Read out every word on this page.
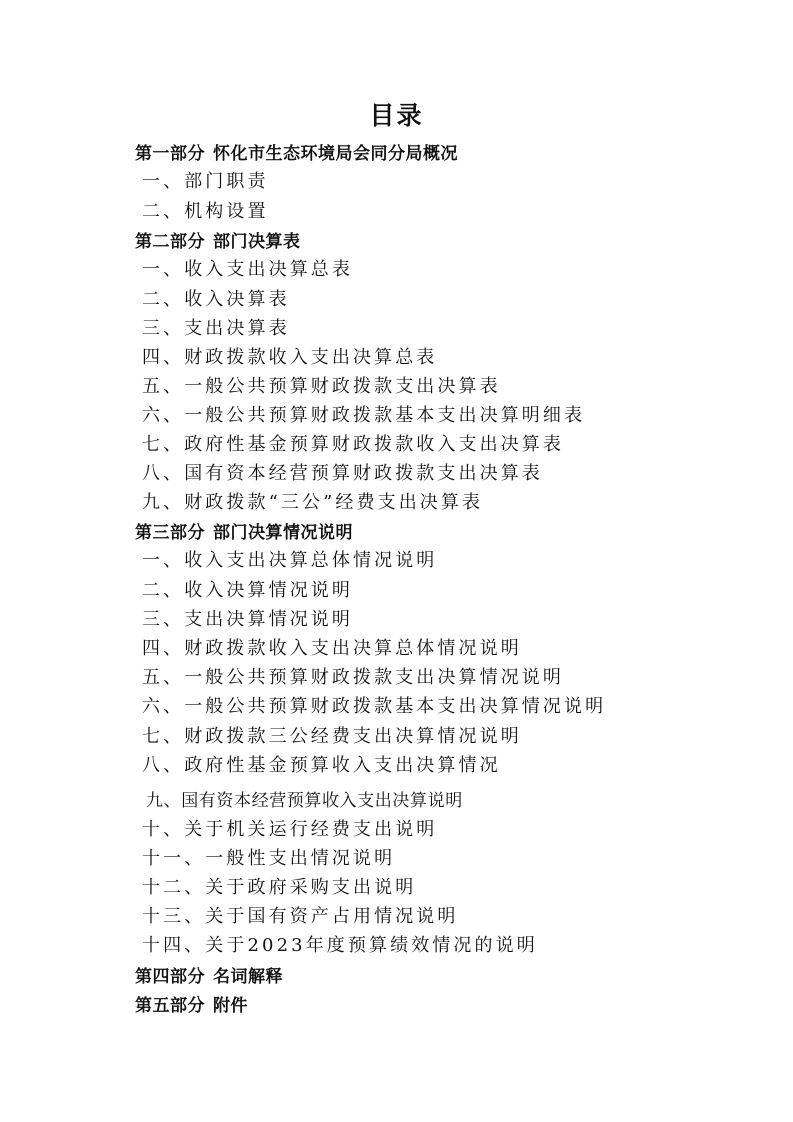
目录
第一部分 怀化市生态环境局会同分局概况
一、部门职责
二、机构设置
第二部分 部门决算表
一、收入支出决算总表
二、收入决算表
三、支出决算表
四、财政拨款收入支出决算总表
五、一般公共预算财政拨款支出决算表
六、一般公共预算财政拨款基本支出决算明细表
七、政府性基金预算财政拨款收入支出决算表
八、国有资本经营预算财政拨款支出决算表
九、财政拨款“三公”经费支出决算表
第三部分 部门决算情况说明
一、收入支出决算总体情况说明
二、收入决算情况说明
三、支出决算情况说明
四、财政拨款收入支出决算总体情况说明
五、一般公共预算财政拨款支出决算情况说明
六、一般公共预算财政拨款基本支出决算情况说明
七、财政拨款三公经费支出决算情况说明
八、政府性基金预算收入支出决算情况
九、国有资本经营预算收入支出决算说明
十、关于机关运行经费支出说明
十一、一般性支出情况说明
十二、关于政府采购支出说明
十三、关于国有资产占用情况说明
十四、关于2023年度预算绩效情况的说明
第四部分 名词解释
第五部分 附件
